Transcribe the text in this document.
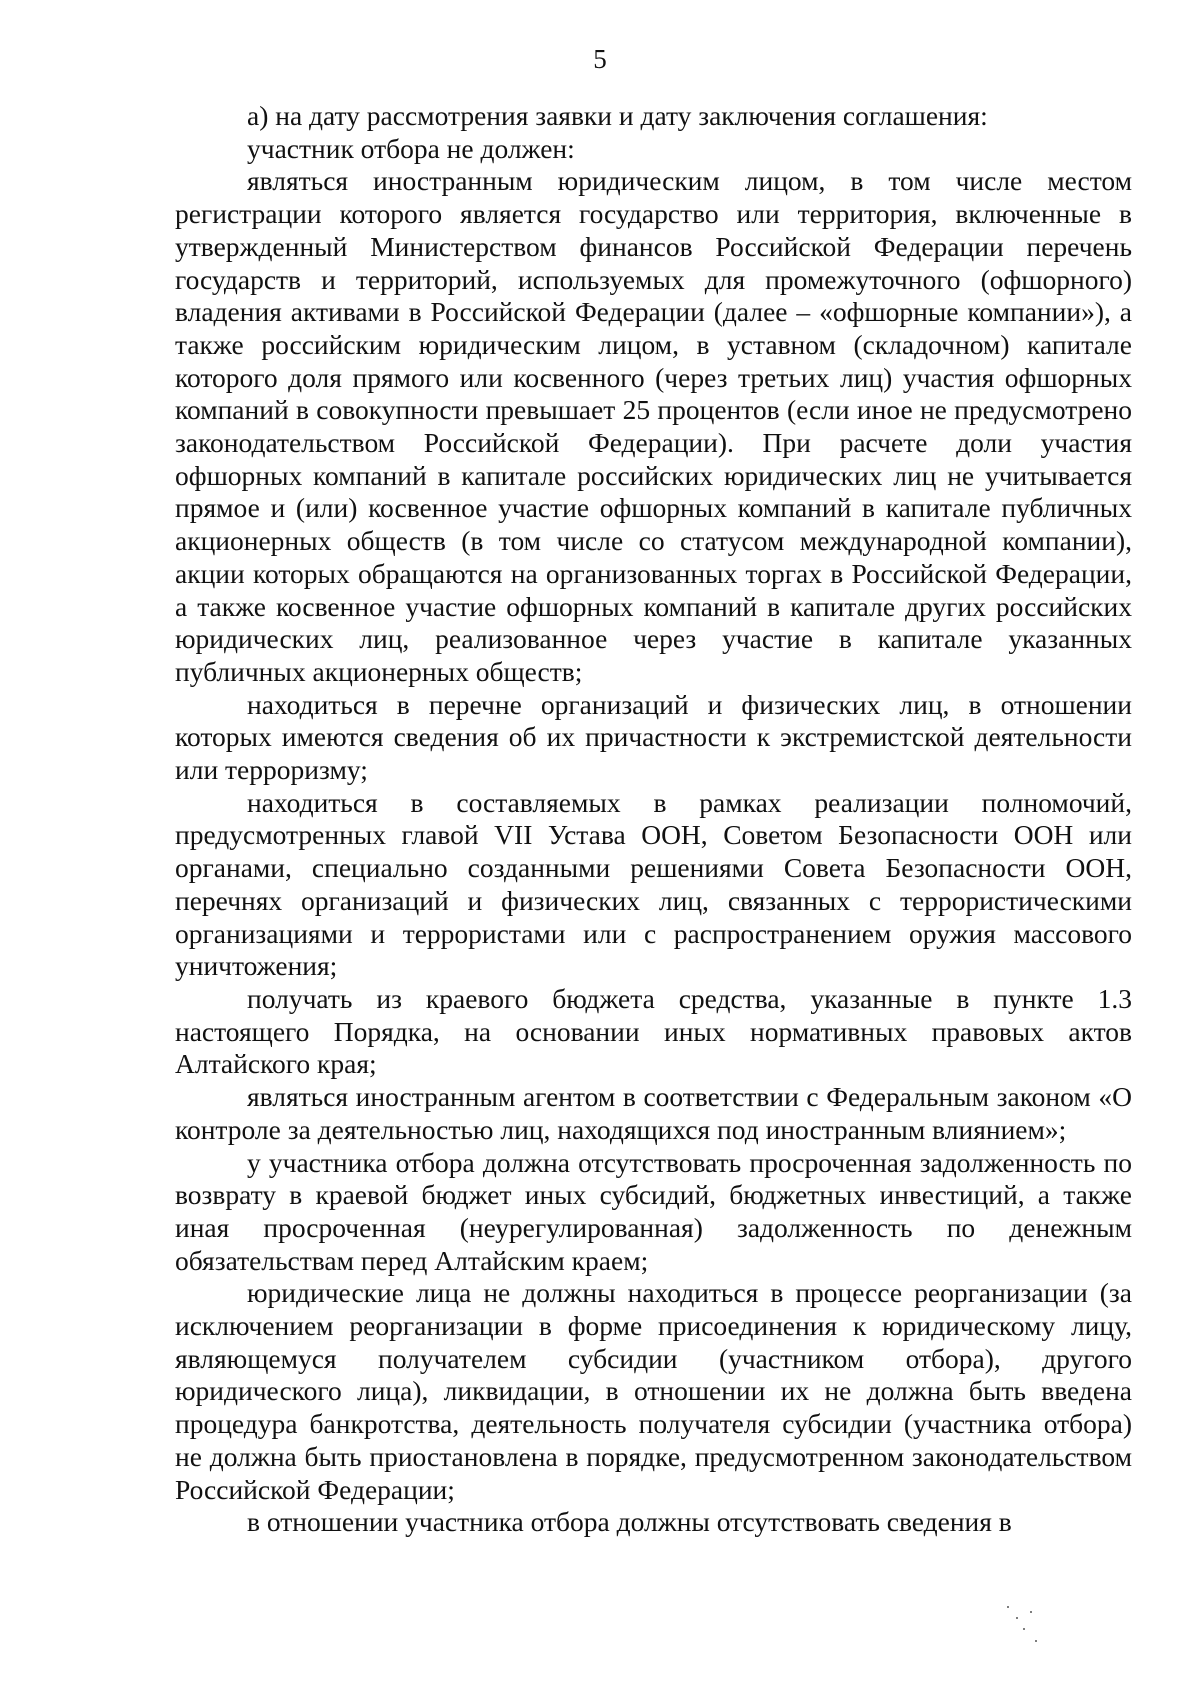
5

а) на дату рассмотрения заявки и дату заключения соглашения:

участник отбора не должен:

являться иностранным юридическим лицом, в том числе местом регистрации которого является государство или территория, включенные в утвержденный Министерством финансов Российской Федерации перечень государств и территорий, используемых для промежуточного (офшорного) владения активами в Российской Федерации (далее – «офшорные компании»), а также российским юридическим лицом, в уставном (складочном) капитале которого доля прямого или косвенного (через третьих лиц) участия офшорных компаний в совокупности превышает 25 процентов (если иное не предусмотрено законодательством Российской Федерации). При расчете доли участия офшорных компаний в капитале российских юридических лиц не учитывается прямое и (или) косвенное участие офшорных компаний в капитале публичных акционерных обществ (в том числе со статусом международной компании), акции которых обращаются на организованных торгах в Российской Федерации, а также косвенное участие офшорных компаний в капитале других российских юридических лиц, реализованное через участие в капитале указанных публичных акционерных обществ;

находиться в перечне организаций и физических лиц, в отношении которых имеются сведения об их причастности к экстремистской деятельности или терроризму;

находиться в составляемых в рамках реализации полномочий, предусмотренных главой VII Устава ООН, Советом Безопасности ООН или органами, специально созданными решениями Совета Безопасности ООН, перечнях организаций и физических лиц, связанных с террористическими организациями и террористами или с распространением оружия массового уничтожения;

получать из краевого бюджета средства, указанные в пункте 1.3 настоящего Порядка, на основании иных нормативных правовых актов Алтайского края;

являться иностранным агентом в соответствии с Федеральным законом «О контроле за деятельностью лиц, находящихся под иностранным влиянием»;

у участника отбора должна отсутствовать просроченная задолженность по возврату в краевой бюджет иных субсидий, бюджетных инвестиций, а также иная просроченная (неурегулированная) задолженность по денежным обязательствам перед Алтайским краем;

юридические лица не должны находиться в процессе реорганизации (за исключением реорганизации в форме присоединения к юридическому лицу, являющемуся получателем субсидии (участником отбора), другого юридического лица), ликвидации, в отношении их не должна быть введена процедура банкротства, деятельность получателя субсидии (участника отбора) не должна быть приостановлена в порядке, предусмотренном законодательством Российской Федерации;

в отношении участника отбора должны отсутствовать сведения в
